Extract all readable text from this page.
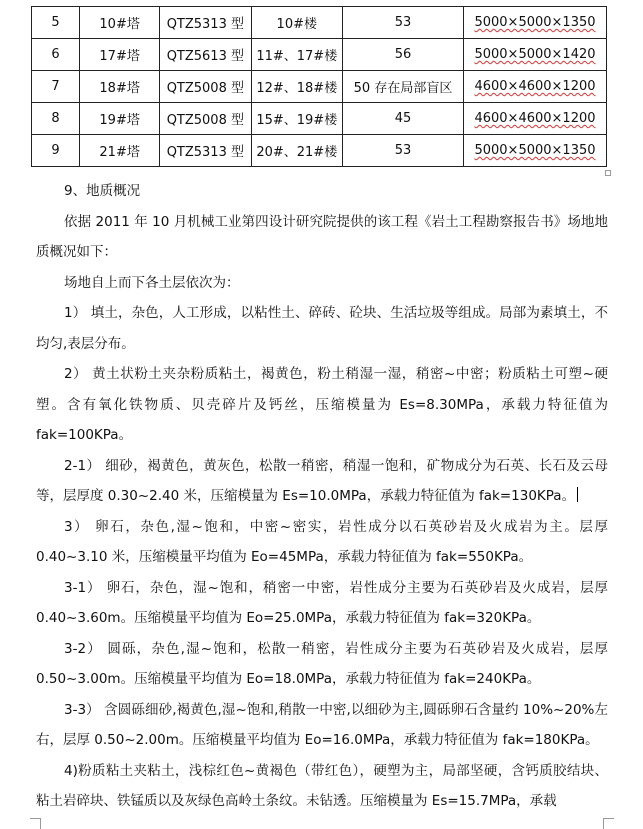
5	10#塔	QTZ5313 型	10#楼	53	5000×5000×1350
6	17#塔	QTZ5613 型	11#、17#楼	56	5000×5000×1420
7	18#塔	QTZ5008 型	12#、18#楼	50 存在局部盲区	4600×4600×1200
8	19#塔	QTZ5008 型	15#、19#楼	45	4600×4600×1200
9	21#塔	QTZ5313 型	20#、21#楼	53	5000×5000×1350

9、地质概况

依据 2011 年 10 月机械工业第四设计研究院提供的该工程《岩土工程勘察报告书》场地地质概况如下：

场地自上而下各土层依次为：

1） 填土，杂色，人工形成，以粘性土、碎砖、砼块、生活垃圾等组成。局部为素填土，不均匀,表层分布。

2） 黄土状粉土夹杂粉质粘土，褐黄色，粉土稍湿一湿，稍密~中密；粉质粘土可塑~硬塑。含有氧化铁物质、贝壳碎片及钙丝，压缩模量为 Es=8.30MPa，承载力特征值为 fak=100KPa。

2-1） 细砂，褐黄色，黄灰色，松散一稍密，稍湿一饱和，矿物成分为石英、长石及云母等，层厚度 0.30~2.40 米，压缩模量为 Es=10.0MPa，承载力特征值为 fak=130KPa。

3） 卵石，杂色,湿~饱和，中密~密实，岩性成分以石英砂岩及火成岩为主。层厚 0.40~3.10 米，压缩模量平均值为 Eo=45MPa，承载力特征值为 fak=550KPa。

3-1） 卵石，杂色，湿~饱和，稍密一中密，岩性成分主要为石英砂岩及火成岩，层厚 0.40~3.60m。压缩模量平均值为 Eo=25.0MPa，承载力特征值为 fak=320KPa。

3-2） 圆砾，杂色,湿~饱和，松散一稍密，岩性成分主要为石英砂岩及火成岩，层厚 0.50~3.00m。压缩模量平均值为 Eo=18.0MPa，承载力特征值为 fak=240KPa。

3-3） 含圆砾细砂,褐黄色,湿~饱和,稍散一中密,以细砂为主,圆砾卵石含量约 10%~20%左右，层厚 0.50~2.00m。压缩模量平均值为 Eo=16.0MPa，承载力特征值为 fak=180KPa。

4)粉质粘土夹粘土，浅棕红色~黄褐色（带红色），硬塑为主，局部坚硬，含钙质胶结块、粘土岩碎块、铁锰质以及灰绿色高岭土条纹。未钻透。压缩模量为 Es=15.7MPa，承载
